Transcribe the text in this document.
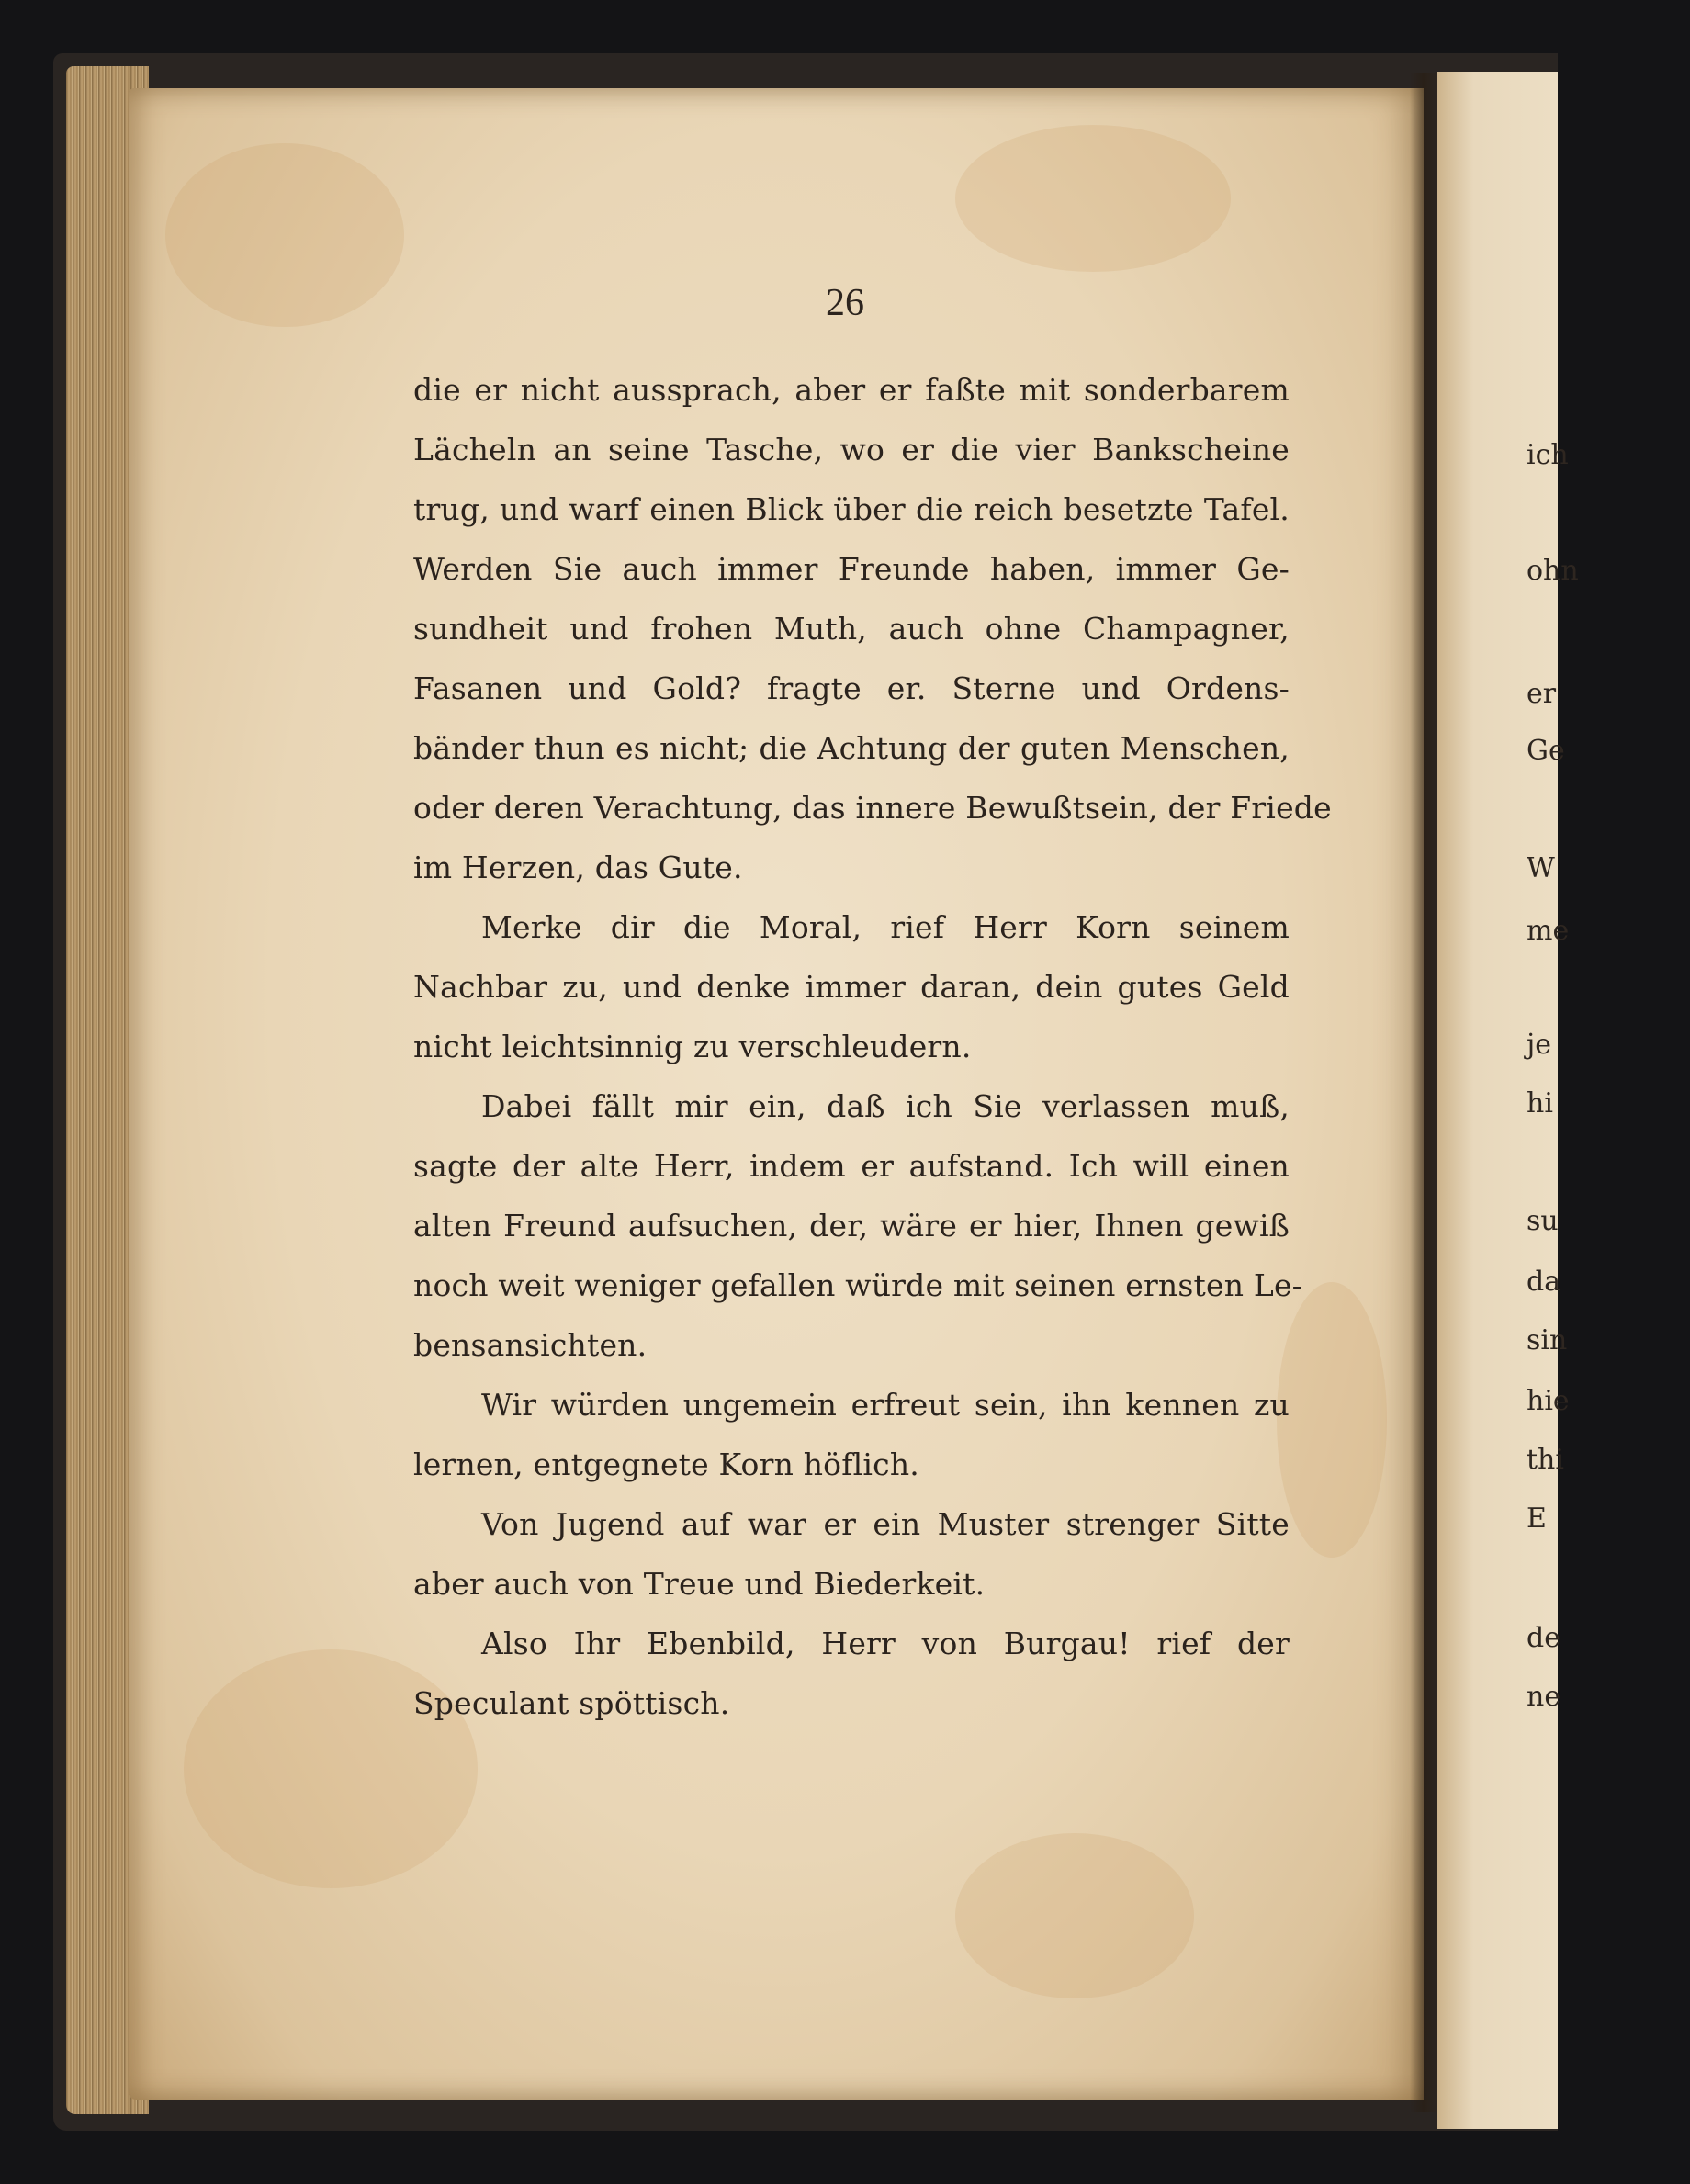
ich
ohn
er
Ge
W
me
je
hi
su
da
sin
hie
thi
E
de
ne
26
die er nicht aussprach, aber er faßte mit sonderbarem
Lächeln an seine Tasche, wo er die vier Bankscheine
trug, und warf einen Blick über die reich besetzte Tafel.
Werden Sie auch immer Freunde haben, immer Ge-
sundheit und frohen Muth, auch ohne Champagner,
Fasanen und Gold? fragte er. Sterne und Ordens-
bänder thun es nicht; die Achtung der guten Menschen,
oder deren Verachtung, das innere Bewußtsein, der Friede
im Herzen, das Gute.
Merke dir die Moral, rief Herr Korn seinem
Nachbar zu, und denke immer daran, dein gutes Geld
nicht leichtsinnig zu verschleudern.
Dabei fällt mir ein, daß ich Sie verlassen muß,
sagte der alte Herr, indem er aufstand. Ich will einen
alten Freund aufsuchen, der, wäre er hier, Ihnen gewiß
noch weit weniger gefallen würde mit seinen ernsten Le-
bensansichten.
Wir würden ungemein erfreut sein, ihn kennen zu
lernen, entgegnete Korn höflich.
Von Jugend auf war er ein Muster strenger Sitte
aber auch von Treue und Biederkeit.
Also Ihr Ebenbild, Herr von Burgau! rief der
Speculant spöttisch.
